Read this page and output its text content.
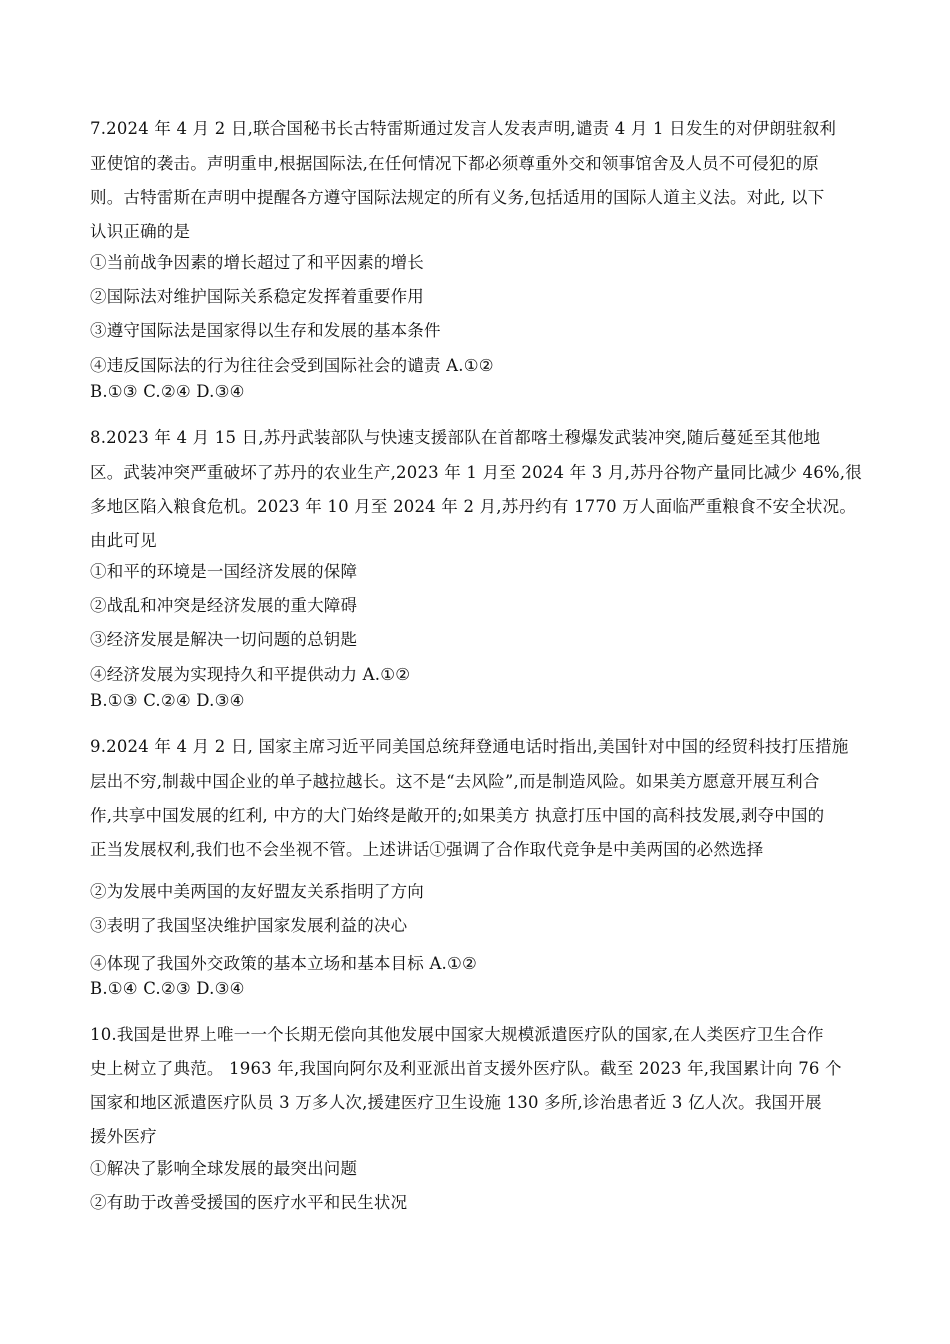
7.2024 年 4 月 2 日,联合国秘书长古特雷斯通过发言人发表声明,谴责 4 月 1 日发生的对伊朗驻叙利
亚使馆的袭击。声明重申,根据国际法,在任何情况下都必须尊重外交和领事馆舍及人员不可侵犯的原
则。古特雷斯在声明中提醒各方遵守国际法规定的所有义务,包括适用的国际人道主义法。对此, 以下
认识正确的是
①当前战争因素的增长超过了和平因素的增长
②国际法对维护国际关系稳定发挥着重要作用
③遵守国际法是国家得以生存和发展的基本条件
④违反国际法的行为往往会受到国际社会的谴责 A.①②
B.①③ C.②④ D.③④
8.2023 年 4 月 15 日,苏丹武装部队与快速支援部队在首都喀土穆爆发武装冲突,随后蔓延至其他地
区。武装冲突严重破坏了苏丹的农业生产,2023 年 1 月至 2024 年 3 月,苏丹谷物产量同比减少 46%,很
多地区陷入粮食危机。2023 年 10 月至 2024 年 2 月,苏丹约有 1770 万人面临严重粮食不安全状况。
由此可见
①和平的环境是一国经济发展的保障
②战乱和冲突是经济发展的重大障碍
③经济发展是解决一切问题的总钥匙
④经济发展为实现持久和平提供动力 A.①②
B.①③ C.②④ D.③④
9.2024 年 4 月 2 日, 国家主席习近平同美国总统拜登通电话时指出,美国针对中国的经贸科技打压措施
层出不穷,制裁中国企业的单子越拉越长。这不是“去风险”,而是制造风险。如果美方愿意开展互利合
作,共享中国发展的红利, 中方的大门始终是敞开的;如果美方 执意打压中国的高科技发展,剥夺中国的
正当发展权利,我们也不会坐视不管。上述讲话①强调了合作取代竞争是中美两国的必然选择
②为发展中美两国的友好盟友关系指明了方向
③表明了我国坚决维护国家发展利益的决心
④体现了我国外交政策的基本立场和基本目标 A.①②
B.①④ C.②③ D.③④
10.我国是世界上唯一一个长期无偿向其他发展中国家大规模派遣医疗队的国家,在人类医疗卫生合作
史上树立了典范。 1963 年,我国向阿尔及利亚派出首支援外医疗队。截至 2023 年,我国累计向 76 个
国家和地区派遣医疗队员 3 万多人次,援建医疗卫生设施 130 多所,诊治患者近 3 亿人次。我国开展
援外医疗
①解决了影响全球发展的最突出问题
②有助于改善受援国的医疗水平和民生状况
